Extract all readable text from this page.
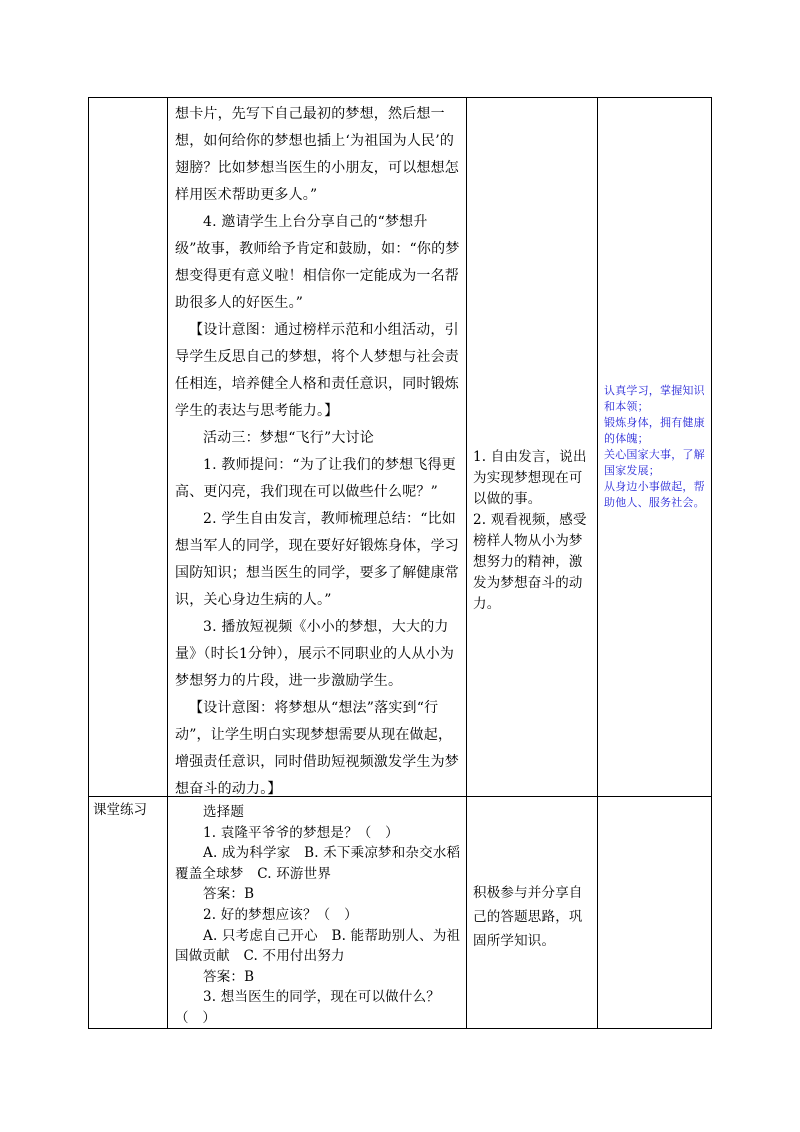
想卡片，先写下自己最初的梦想，然后想一想，如何给你的梦想也插上‘为祖国为人民’的翅膀？比如梦想当医生的小朋友，可以想想怎样用医术帮助更多人。”

4. 邀请学生上台分享自己的“梦想升级”故事，教师给予肯定和鼓励，如：“你的梦想变得更有意义啦！相信你一定能成为一名帮助很多人的好医生。”

【设计意图：通过榜样示范和小组活动，引导学生反思自己的梦想，将个人梦想与社会责任相连，培养健全人格和责任意识，同时锻炼学生的表达与思考能力。】

活动三：梦想“飞行”大讨论

1. 教师提问：“为了让我们的梦想飞得更高、更闪亮，我们现在可以做些什么呢？”

2. 学生自由发言，教师梳理总结：“比如想当军人的同学，现在要好好锻炼身体，学习国防知识；想当医生的同学，要多了解健康常识，关心身边生病的人。”

3. 播放短视频《小小的梦想，大大的力量》（时长1分钟），展示不同职业的人从小为梦想努力的片段，进一步激励学生。

【设计意图：将梦想从“想法”落实到“行动”，让学生明白实现梦想需要从现在做起，增强责任意识，同时借助短视频激发学生为梦想奋斗的动力。】

1. 自由发言，说出为实现梦想现在可以做的事。

2. 观看视频，感受榜样人物从小为梦想努力的精神，激发为梦想奋斗的动力。

认真学习，掌握知识和本领；

锻炼身体，拥有健康的体魄；

关心国家大事，了解国家发展；

从身边小事做起，帮助他人、服务社会。

课堂练习	选择题

1. 袁隆平爷爷的梦想是？（　）

A. 成为科学家　B. 禾下乘凉梦和杂交水稻覆盖全球梦　C. 环游世界

答案：B

2. 好的梦想应该？（　）

A. 只考虑自己开心　B. 能帮助别人、为祖国做贡献　C. 不用付出努力

答案：B

3. 想当医生的同学，现在可以做什么？（　）

积极参与并分享自己的答题思路，巩固所学知识。
